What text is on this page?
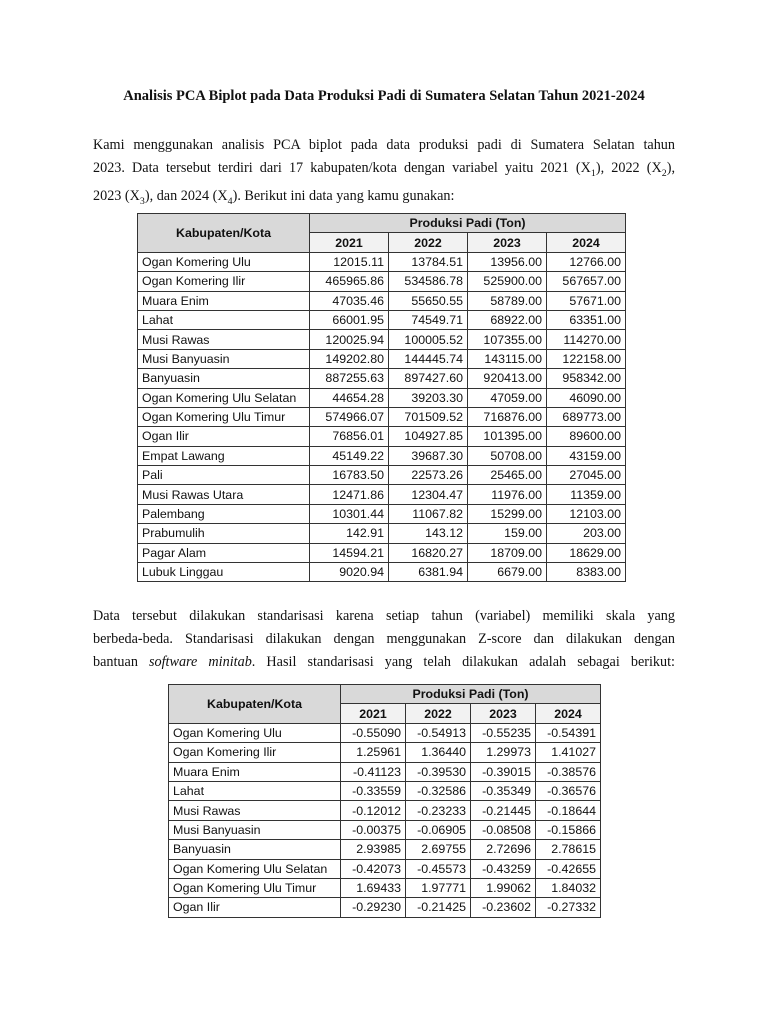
Analisis PCA Biplot pada Data Produksi Padi di Sumatera Selatan Tahun 2021-2024
Kami menggunakan analisis PCA biplot pada data produksi padi di Sumatera Selatan tahun
2023. Data tersebut terdiri dari 17 kabupaten/kota dengan variabel yaitu 2021 $(X_1)$, 2022 $(X_2)$,
2023 $(X_3)$, dan 2024 $(X_4)$. Berikut ini data yang kamu gunakan:
Kabupaten/Kota	Produksi Padi (Ton)			
	2021	2022	2023	2024
Ogan Komering Ulu	12015.11	13784.51	13956.00	12766.00
Ogan Komering Ilir	465965.86	534586.78	525900.00	567657.00
Muara Enim	47035.46	55650.55	58789.00	57671.00
Lahat	66001.95	74549.71	68922.00	63351.00
Musi Rawas	120025.94	100005.52	107355.00	114270.00
Musi Banyuasin	149202.80	144445.74	143115.00	122158.00
Banyuasin	887255.63	897427.60	920413.00	958342.00
Ogan Komering Ulu Selatan	44654.28	39203.30	47059.00	46090.00
Ogan Komering Ulu Timur	574966.07	701509.52	716876.00	689773.00
Ogan Ilir	76856.01	104927.85	101395.00	89600.00
Empat Lawang	45149.22	39687.30	50708.00	43159.00
Pali	16783.50	22573.26	25465.00	27045.00
Musi Rawas Utara	12471.86	12304.47	11976.00	11359.00
Palembang	10301.44	11067.82	15299.00	12103.00
Prabumulih	142.91	143.12	159.00	203.00
Pagar Alam	14594.21	16820.27	18709.00	18629.00
Lubuk Linggau	9020.94	6381.94	6679.00	8383.00
Data tersebut dilakukan standarisasi karena setiap tahun (variabel) memiliki skala yang
berbeda-beda. Standarisasi dilakukan dengan menggunakan Z-score dan dilakukan dengan
bantuan software minitab. Hasil standarisasi yang telah dilakukan adalah sebagai berikut:
Kabupaten/Kota	Produksi Padi (Ton)			
	2021	2022	2023	2024
Ogan Komering Ulu	-0.55090	-0.54913	-0.55235	-0.54391
Ogan Komering Ilir	1.25961	1.36440	1.29973	1.41027
Muara Enim	-0.41123	-0.39530	-0.39015	-0.38576
Lahat	-0.33559	-0.32586	-0.35349	-0.36576
Musi Rawas	-0.12012	-0.23233	-0.21445	-0.18644
Musi Banyuasin	-0.00375	-0.06905	-0.08508	-0.15866
Banyuasin	2.93985	2.69755	2.72696	2.78615
Ogan Komering Ulu Selatan	-0.42073	-0.45573	-0.43259	-0.42655
Ogan Komering Ulu Timur	1.69433	1.97771	1.99062	1.84032
Ogan Ilir	-0.29230	-0.21425	-0.23602	-0.27332
